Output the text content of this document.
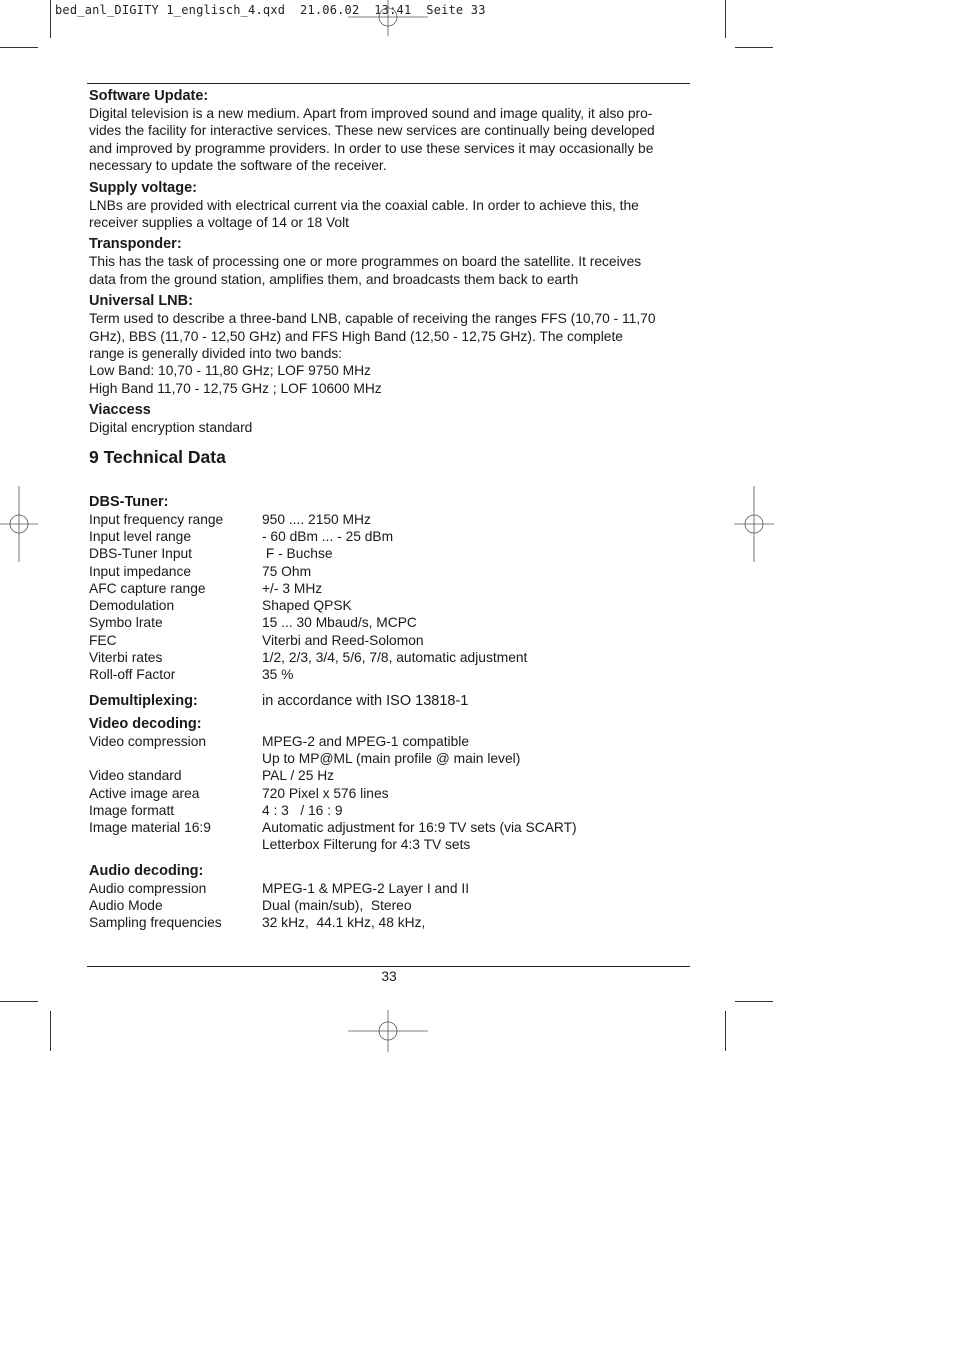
bed_anl_DIGITY 1_englisch_4.qxd  21.06.02  13:41  Seite 33

Software Update:

Digital television is a new medium. Apart from improved sound and image quality, it also pro-

vides the facility for interactive services. These new services are continually being developed

and improved by programme providers. In order to use these services it may occasionally be

necessary to update the software of the receiver.

Supply voltage:

LNBs are provided with electrical current via the coaxial cable. In order to achieve this, the

receiver supplies a voltage of 14 or 18 Volt

Transponder:

This has the task of processing one or more programmes on board the satellite. It receives

data from the ground station, amplifies them, and broadcasts them back to earth

Universal LNB:

Term used to describe a three-band LNB, capable of receiving the ranges FFS (10,70 - 11,70

GHz), BBS (11,70 - 12,50 GHz) and FFS High Band (12,50 - 12,75 GHz). The complete

range is generally divided into two bands:

Low Band: 10,70 - 11,80 GHz; LOF 9750 MHz

High Band 11,70 - 12,75 GHz ; LOF 10600 MHz

Viaccess

Digital encryption standard

9 Technical Data

DBS-Tuner:

Input frequency range	950 .... 2150 MHz
Input level range	- 60 dBm ... - 25 dBm
DBS-Tuner Input	F - Buchse
Input impedance	75 Ohm
AFC capture range	+/- 3 MHz
Demodulation	Shaped QPSK
Symbo lrate	15 ... 30 Mbaud/s, MCPC
FEC	Viterbi and Reed-Solomon
Viterbi rates	1/2, 2/3, 3/4, 5/6, 7/8, automatic adjustment
Roll-off Factor	35 %
Demultiplexing:	in accordance with ISO 13818-1

Video decoding:

Video compression	MPEG-2 and MPEG-1 compatible
	Up to MP@ML (main profile @ main level)
Video standard	PAL / 25 Hz
Active image area	720 Pixel x 576 lines
Image formatt	4 : 3   / 16 : 9
Image material 16:9	Automatic adjustment for 16:9 TV sets (via SCART)
	Letterbox Filterung for 4:3 TV sets

Audio decoding:

Audio compression	MPEG-1 & MPEG-2 Layer I and II
Audio Mode	Dual (main/sub),  Stereo
Sampling frequencies	32 kHz,  44.1 kHz, 48 kHz,
33
